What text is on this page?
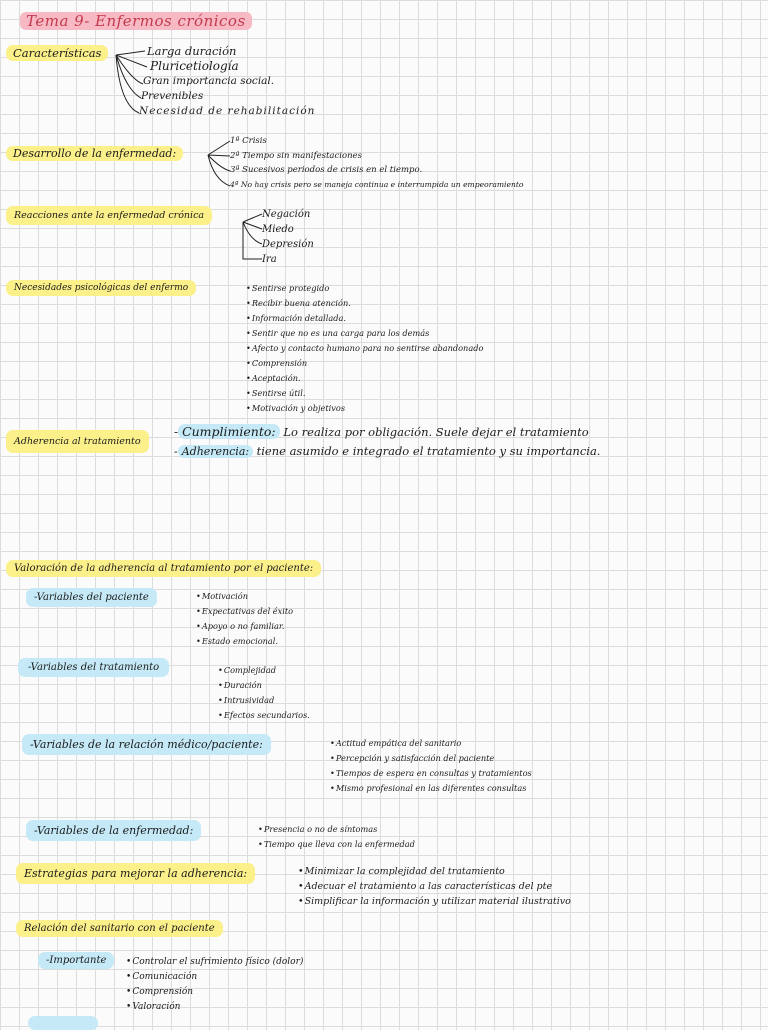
Tema 9- Enfermos crónicos
Características	Larga duración
Pluricetiología
Gran importancia social.
Prevenibles
Necesidad de rehabilitación
Desarrollo de la enfermedad:
1ª Crisis
2ª Tiempo sin manifestaciones
3ª Sucesivos periodos de crisis en el tiempo.
4ª No hay crisis pero se maneja continua e interrumpida un empeoramiento
Reacciones ante la enfermedad crónica	Negación
Miedo
Depresión
Ira
Necesidades psicológicas del enfermo	• Sentirse protegido
• Recibir buena atención.
• Información detallada.
• Sentir que no es una carga para los demás
• Afecto y contacto humano para no sentirse abandonado
• Comprensión
• Aceptación.
• Sentirse útil.
• Motivación y objetivos
Adherencia al tratamiento
- Cumplimiento: Lo realiza por obligación. Suele dejar el tratamiento
- Adherencia: tiene asumido e integrado el tratamiento y su importancia.
Valoración de la adherencia al tratamiento por el paciente:
-Variables del paciente	• Motivación
• Expectativas del éxito
• Apoyo o no familiar.
• Estado emocional.
-Variables del tratamiento	• Complejidad
• Duración
• Intrusividad
• Efectos secundarios.
-Variables de la relación médico/paciente:	• Actitud empática del sanitario
• Percepción y satisfacción del paciente
• Tiempos de espera en consultas y tratamientos
• Mismo profesional en las diferentes consultas
-Variables de la enfermedad:	• Presencia o no de síntomas
• Tiempo que lleva con la enfermedad
Estrategias para mejorar la adherencia:	• Minimizar la complejidad del tratamiento
• Adecuar el tratamiento a las características del pte
• Simplificar la información y utilizar material ilustrativo
Relación del sanitario con el paciente
-Importante	• Controlar el sufrimiento físico (dolor)
• Comunicación
• Comprensión
• Valoración
